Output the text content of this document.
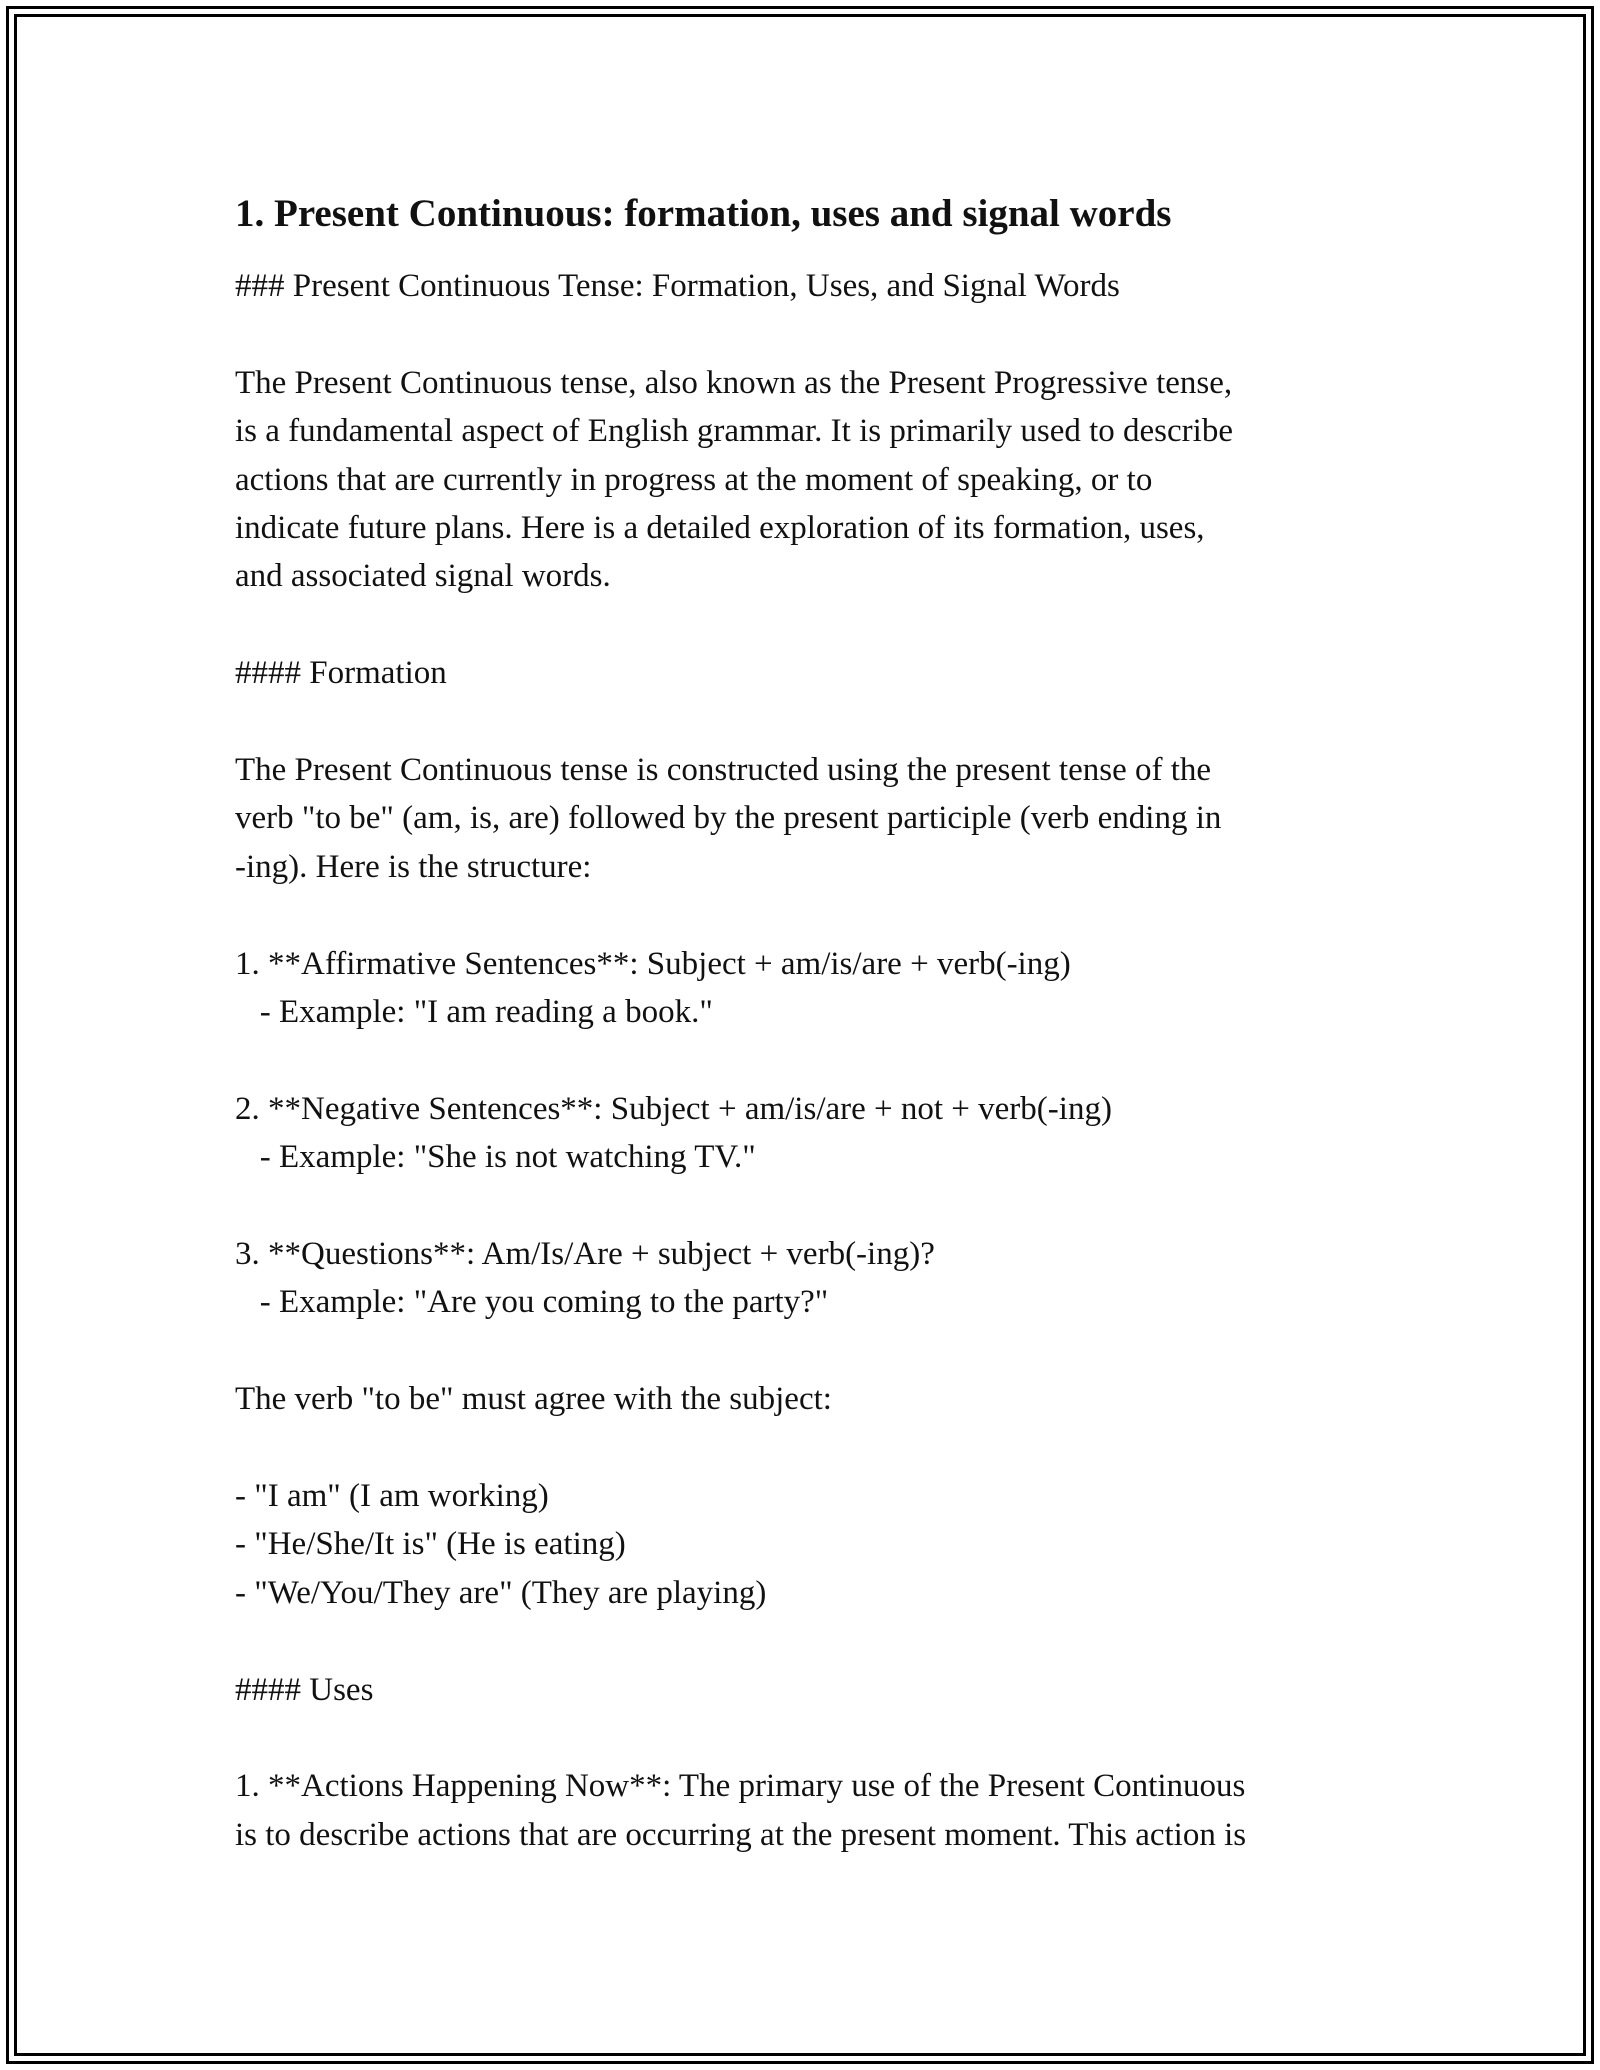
1. Present Continuous: formation, uses and signal words
### Present Continuous Tense: Formation, Uses, and Signal Words
The Present Continuous tense, also known as the Present Progressive tense,
is a fundamental aspect of English grammar. It is primarily used to describe
actions that are currently in progress at the moment of speaking, or to
indicate future plans. Here is a detailed exploration of its formation, uses,
and associated signal words.
#### Formation
The Present Continuous tense is constructed using the present tense of the
verb "to be" (am, is, are) followed by the present participle (verb ending in
-ing). Here is the structure:
1. **Affirmative Sentences**: Subject + am/is/are + verb(-ing)
- Example: "I am reading a book."
2. **Negative Sentences**: Subject + am/is/are + not + verb(-ing)
- Example: "She is not watching TV."
3. **Questions**: Am/Is/Are + subject + verb(-ing)?
- Example: "Are you coming to the party?"
The verb "to be" must agree with the subject:
- "I am" (I am working)
- "He/She/It is" (He is eating)
- "We/You/They are" (They are playing)
#### Uses
1. **Actions Happening Now**: The primary use of the Present Continuous
is to describe actions that are occurring at the present moment. This action is
